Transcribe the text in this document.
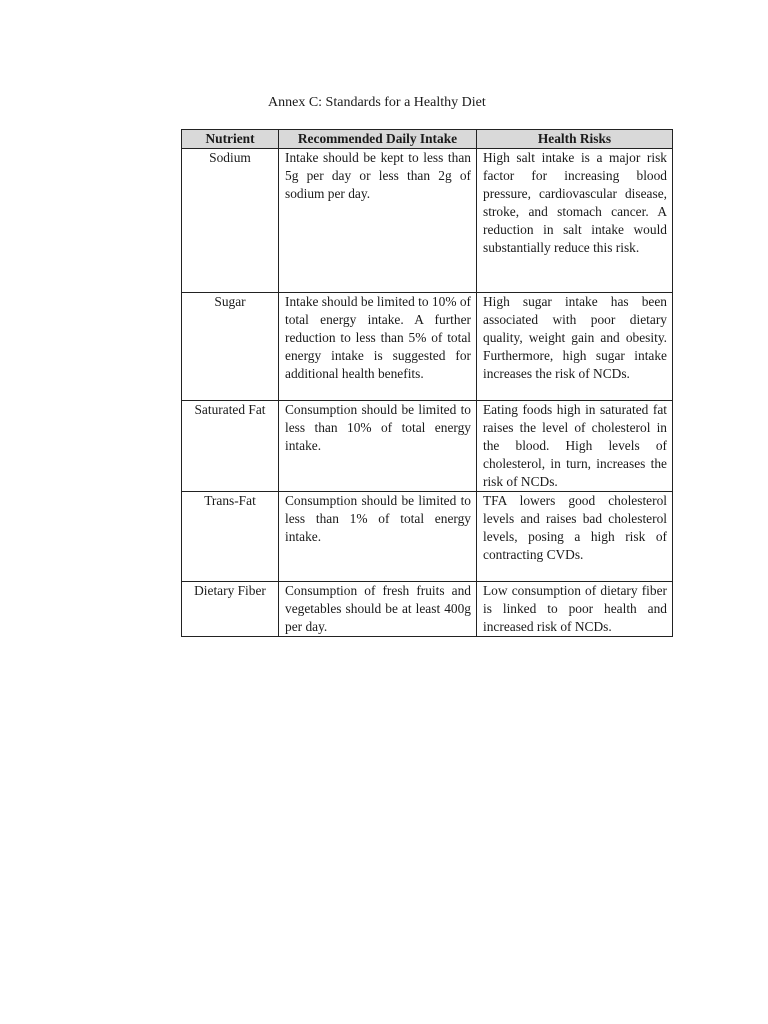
Annex C: Standards for a Healthy Diet
Nutrient	Recommended Daily Intake	Health Risks
Sodium	Intake should be kept to less than 5g per day or less than 2g of sodium per day.	High salt intake is a major risk factor for increasing blood pressure, cardiovascular disease, stroke, and stomach cancer. A reduction in salt intake would substantially reduce this risk.
Sugar	Intake should be limited to 10% of total energy intake. A further reduction to less than 5% of total energy intake is suggested for additional health benefits.	High sugar intake has been associated with poor dietary quality, weight gain and obesity. Furthermore, high sugar intake increases the risk of NCDs.
Saturated Fat	Consumption should be limited to less than 10% of total energy intake.	Eating foods high in saturated fat raises the level of cholesterol in the blood. High levels of cholesterol, in turn, increases the risk of NCDs.
Trans-Fat	Consumption should be limited to less than 1% of total energy intake.	TFA lowers good cholesterol levels and raises bad cholesterol levels, posing a high risk of contracting CVDs.
Dietary Fiber	Consumption of fresh fruits and vegetables should be at least 400g per day.	Low consumption of dietary fiber is linked to poor health and increased risk of NCDs.
